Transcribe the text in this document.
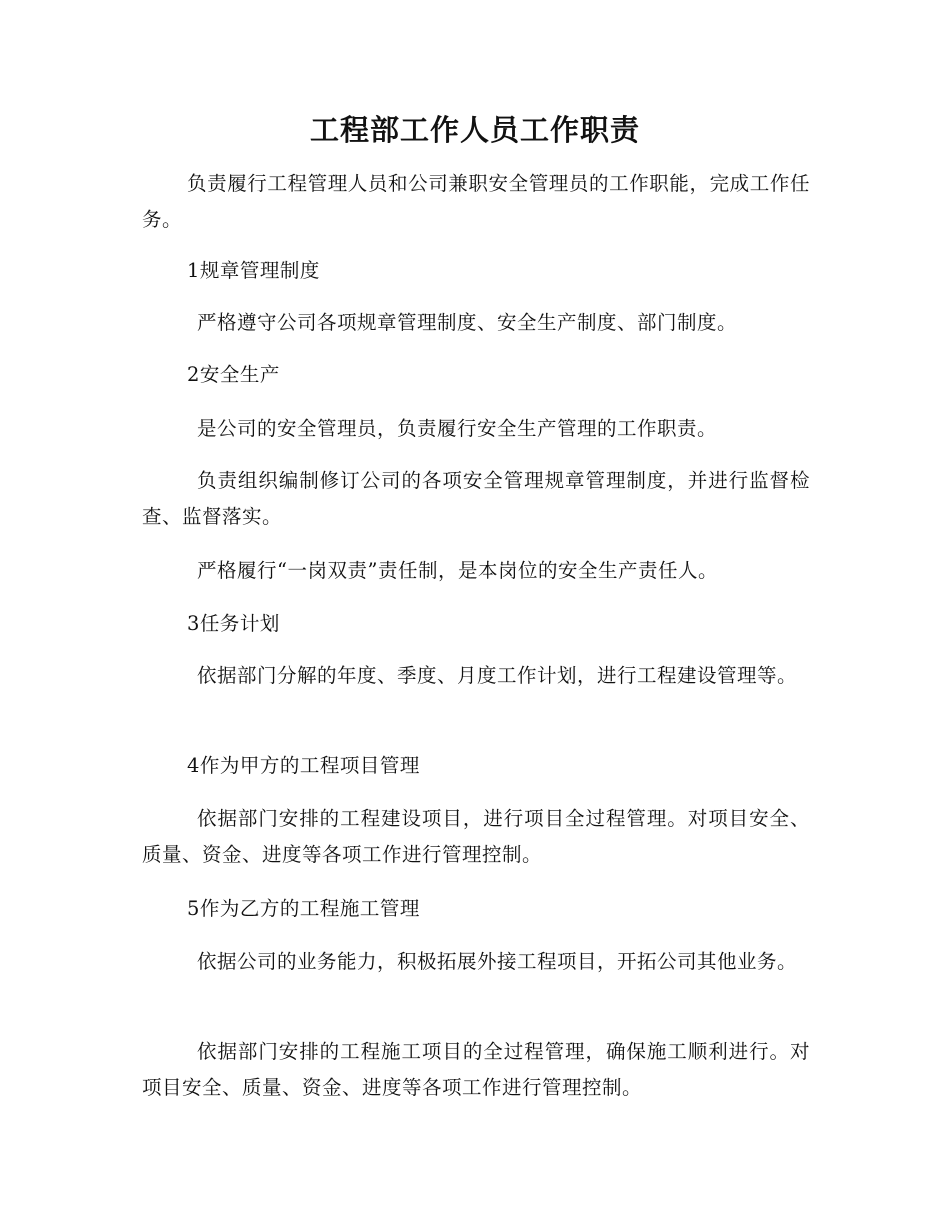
工程部工作人员工作职责

负责履行工程管理人员和公司兼职安全管理员的工作职能，完成工作任务。

1规章管理制度

严格遵守公司各项规章管理制度、安全生产制度、部门制度。

2安全生产

是公司的安全管理员，负责履行安全生产管理的工作职责。

负责组织编制修订公司的各项安全管理规章管理制度，并进行监督检查、监督落实。

严格履行“一岗双责”责任制，是本岗位的安全生产责任人。

3任务计划

依据部门分解的年度、季度、月度工作计划，进行工程建设管理等。

4作为甲方的工程项目管理

依据部门安排的工程建设项目，进行项目全过程管理。对项目安全、质量、资金、进度等各项工作进行管理控制。

5作为乙方的工程施工管理

依据公司的业务能力，积极拓展外接工程项目，开拓公司其他业务。

依据部门安排的工程施工项目的全过程管理，确保施工顺利进行。对项目安全、质量、资金、进度等各项工作进行管理控制。
